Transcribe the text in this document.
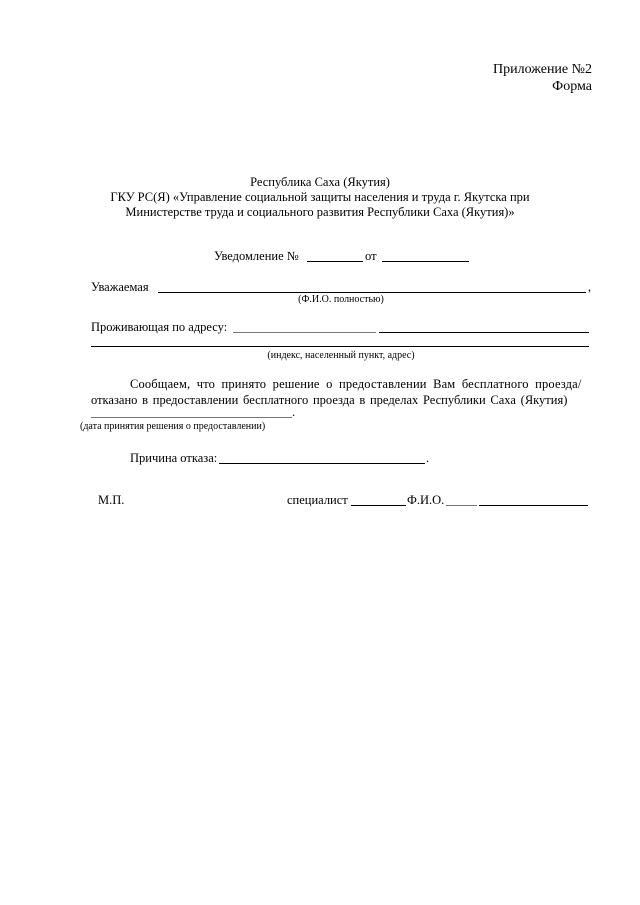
Приложение №2
Форма
Республика Саха (Якутия)
ГКУ РС(Я) «Управление социальной защиты населения и труда г. Якутска при
Министерстве труда и социального развития Республики Саха (Якутия)»
Уведомление №	от
Уважаемая	,
(Ф.И.О. полностью)
Проживающая по адресу:
(индекс, населенный пункт, адрес)
Сообщаем, что принято решение о предоставлении Вам бесплатного проезда/
отказано в предоставлении бесплатного проезда в пределах Республики Саха (Якутия)
.
(дата принятия решения о предоставлении)
Причина отказа:	.
М.П.	специалист	Ф.И.О.
